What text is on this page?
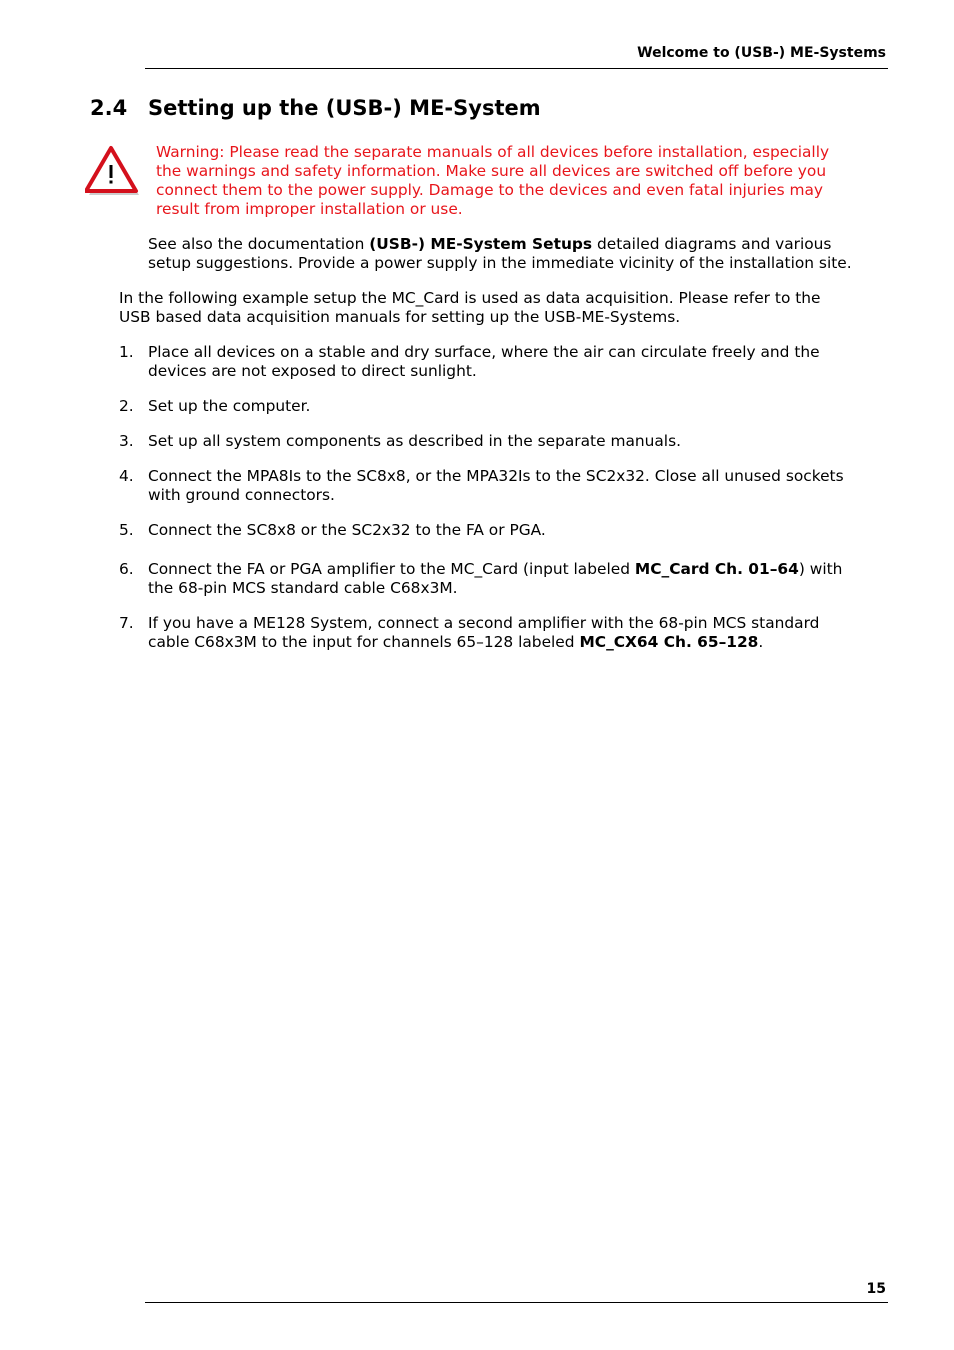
Welcome to (USB-) ME-Systems
2.4 Setting up the (USB-) ME-System

Warning: Please read the separate manuals of all devices before installation, especially the warnings and safety information. Make sure all devices are switched off before you connect them to the power supply. Damage to the devices and even fatal injuries may result from improper installation or use.

See also the documentation (USB-) ME-System Setups detailed diagrams and various setup suggestions. Provide a power supply in the immediate vicinity of the installation site.

In the following example setup the MC_Card is used as data acquisition. Please refer to the
USB based data acquisition manuals for setting up the USB-ME-Systems.

1. Place all devices on a stable and dry surface, where the air can circulate freely and the devices are not exposed to direct sunlight.
2. Set up the computer.
3. Set up all system components as described in the separate manuals.
4. Connect the MPA8Is to the SC8x8, or the MPA32Is to the SC2x32. Close all unused sockets with ground connectors.
5. Connect the SC8x8 or the SC2x32 to the FA or PGA.
6. Connect the FA or PGA amplifier to the MC_Card (input labeled MC_Card Ch. 01–64) with the 68-pin MCS standard cable C68x3M.
7. If you have a ME128 System, connect a second amplifier with the 68-pin MCS standard cable C68x3M to the input for channels 65–128 labeled MC_CX64 Ch. 65–128.
15
